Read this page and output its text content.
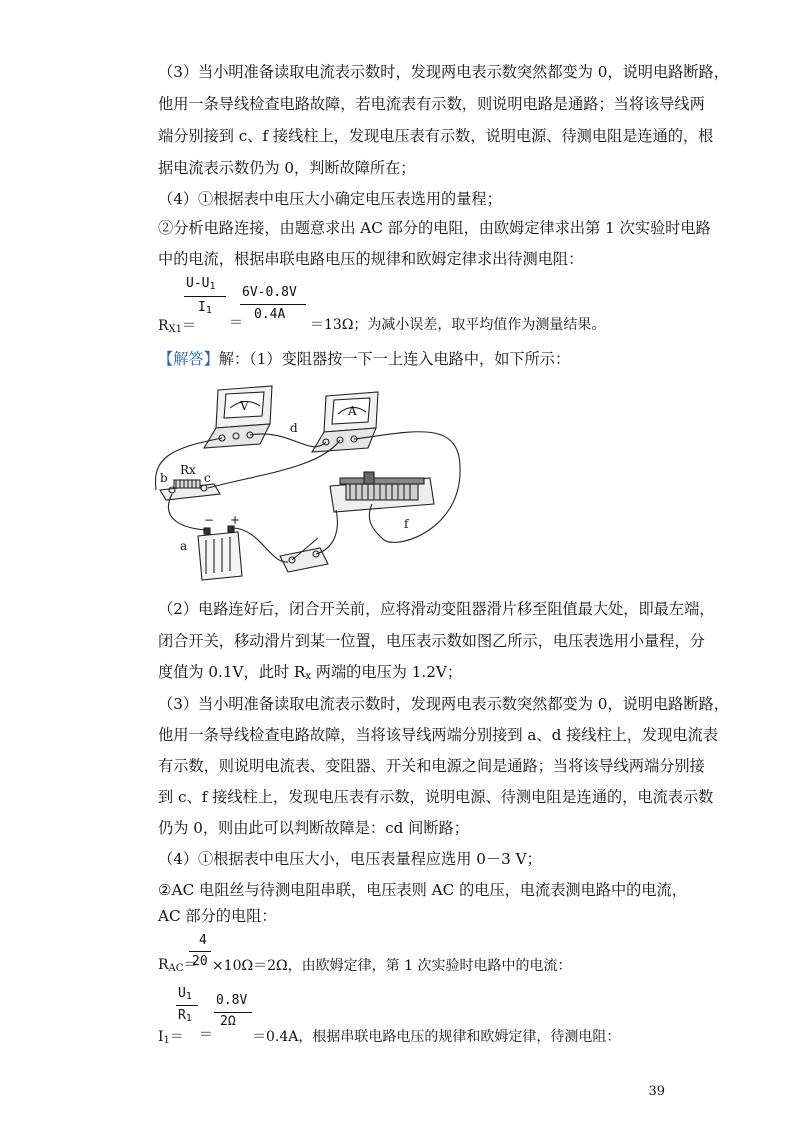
（3）当小明准备读取电流表示数时，发现两电表示数突然都变为 0，说明电路断路，
他用一条导线检查电路故障，若电流表有示数，则说明电路是通路；当将该导线两
端分别接到 c、f 接线柱上，发现电压表有示数，说明电源、待测电阻是连通的，根
据电流表示数仍为 0，判断故障所在；
（4）①根据表中电压大小确定电压表选用的量程；
②分析电路连接，由题意求出 AC 部分的电阻，由欧姆定律求出第 1 次实验时电路
中的电流，根据串联电路电压的规律和欧姆定律求出待测电阻：
$R_{X1}=$
$U-U_1$
$I_1$
＝
6V-0.8V
0.4A
＝13Ω；为减小误差，取平均值作为测量结果。
【解答】解：（1）变阻器按一下一上连入电路中，如下所示：
V	A
d
Rx
b	c
a
f
+
−
（2）电路连好后，闭合开关前，应将滑动变阻器滑片移至阻值最大处，即最左端，
闭合开关，移动滑片到某一位置，电压表示数如图乙所示，电压表选用小量程，分
度值为 0.1V，此时 $R_x$ 两端的电压为 1.2V；
（3）当小明准备读取电流表示数时，发现两电表示数突然都变为 0，说明电路断路，
他用一条导线检查电路故障，当将该导线两端分别接到 a、d 接线柱上，发现电流表
有示数，则说明电流表、变阻器、开关和电源之间是通路；当将该导线两端分别接
到 c、f 接线柱上，发现电压表有示数，说明电源、待测电阻是连通的，电流表示数
仍为 0，则由此可以判断故障是：cd 间断路；
（4）①根据表中电压大小，电压表量程应选用 0－3 V；
②AC 电阻丝与待测电阻串联，电压表则 AC 的电压，电流表测电路中的电流，
AC 部分的电阻：
$R_{AC}=$
4
20 ×10Ω＝2Ω，由欧姆定律，第 1 次实验时电路中的电流：
$I_1=$
$U_1$
$R_1$
＝
0.8V
2Ω
＝0.4A，根据串联电路电压的规律和欧姆定律，待测电阻：
39
